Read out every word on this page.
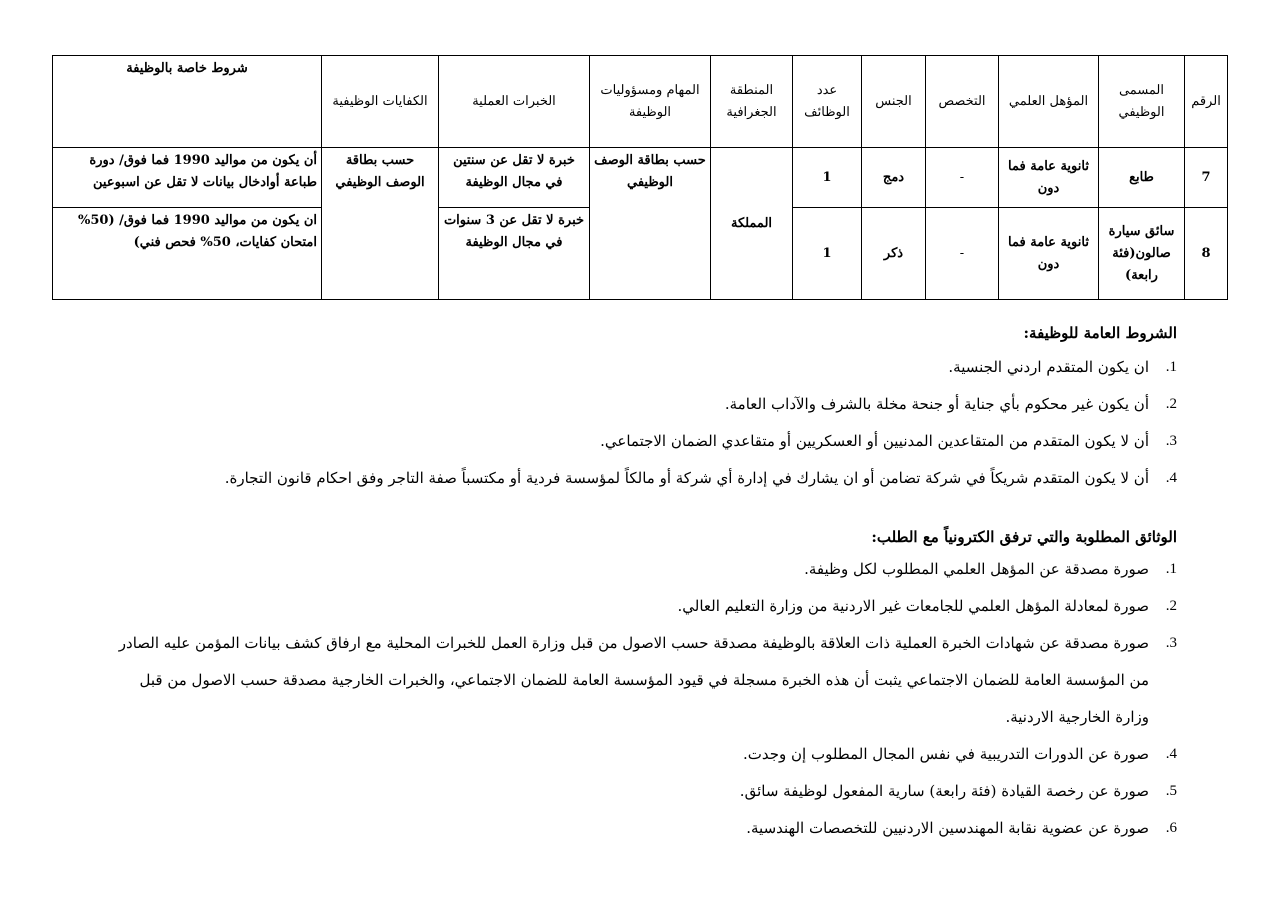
الرقم	المسمى الوظيفي	المؤهل العلمي	التخصص	الجنس	عدد الوظائف	المنطقة الجغرافية	المهام ومسؤوليات الوظيفة	الخبرات العملية	الكفايات الوظيفية	شروط خاصة بالوظيفة
7	طابع	ثانوية عامة فما دون	-	دمج	1	المملكة	حسب بطاقة الوصف الوظيفي	خبرة لا تقل عن سنتين في مجال الوظيفة	حسب بطاقة الوصف الوظيفي	أن يكون من مواليد 1990 فما فوق/ دورة طباعة أوادخال بيانات لا تقل عن اسبوعين
8	سائق سيارة صالون(فئة رابعة)	ثانوية عامة فما دون	-	ذكر	1			خبرة لا تقل عن 3 سنوات في مجال الوظيفة		ان يكون من مواليد 1990 فما فوق/ (50% امتحان كفايات، 50% فحص فني)
الشروط العامة للوظيفة:
1.
ان يكون المتقدم اردني الجنسية.
2.
أن يكون غير محكوم بأي جناية أو جنحة مخلة بالشرف والآداب العامة.
3.
أن لا يكون المتقدم من المتقاعدين المدنيين أو العسكريين أو متقاعدي الضمان الاجتماعي.
4.
أن لا يكون المتقدم شريكاً في شركة تضامن أو ان يشارك في إدارة أي شركة أو مالكاً لمؤسسة فردية أو مكتسباً صفة التاجر وفق احكام قانون التجارة.
الوثائق المطلوبة والتي ترفق الكترونياً مع الطلب:
1.
صورة مصدقة عن المؤهل العلمي المطلوب لكل وظيفة.
2.
صورة لمعادلة المؤهل العلمي للجامعات غير الاردنية من وزارة التعليم العالي.
3.
صورة مصدقة عن شهادات الخبرة العملية ذات العلاقة بالوظيفة مصدقة حسب الاصول من قبل وزارة العمل للخبرات المحلية مع ارفاق كشف بيانات المؤمن عليه الصادر من المؤسسة العامة للضمان الاجتماعي يثبت أن هذه الخبرة مسجلة في قيود المؤسسة العامة للضمان الاجتماعي، والخبرات الخارجية مصدقة حسب الاصول من قبل وزارة الخارجية الاردنية.
4.
صورة عن الدورات التدريبية في نفس المجال المطلوب إن وجدت.
5.
صورة عن رخصة القيادة (فئة رابعة) سارية المفعول لوظيفة سائق.
6.
صورة عن عضوية نقابة المهندسين الاردنيين للتخصصات الهندسية.
